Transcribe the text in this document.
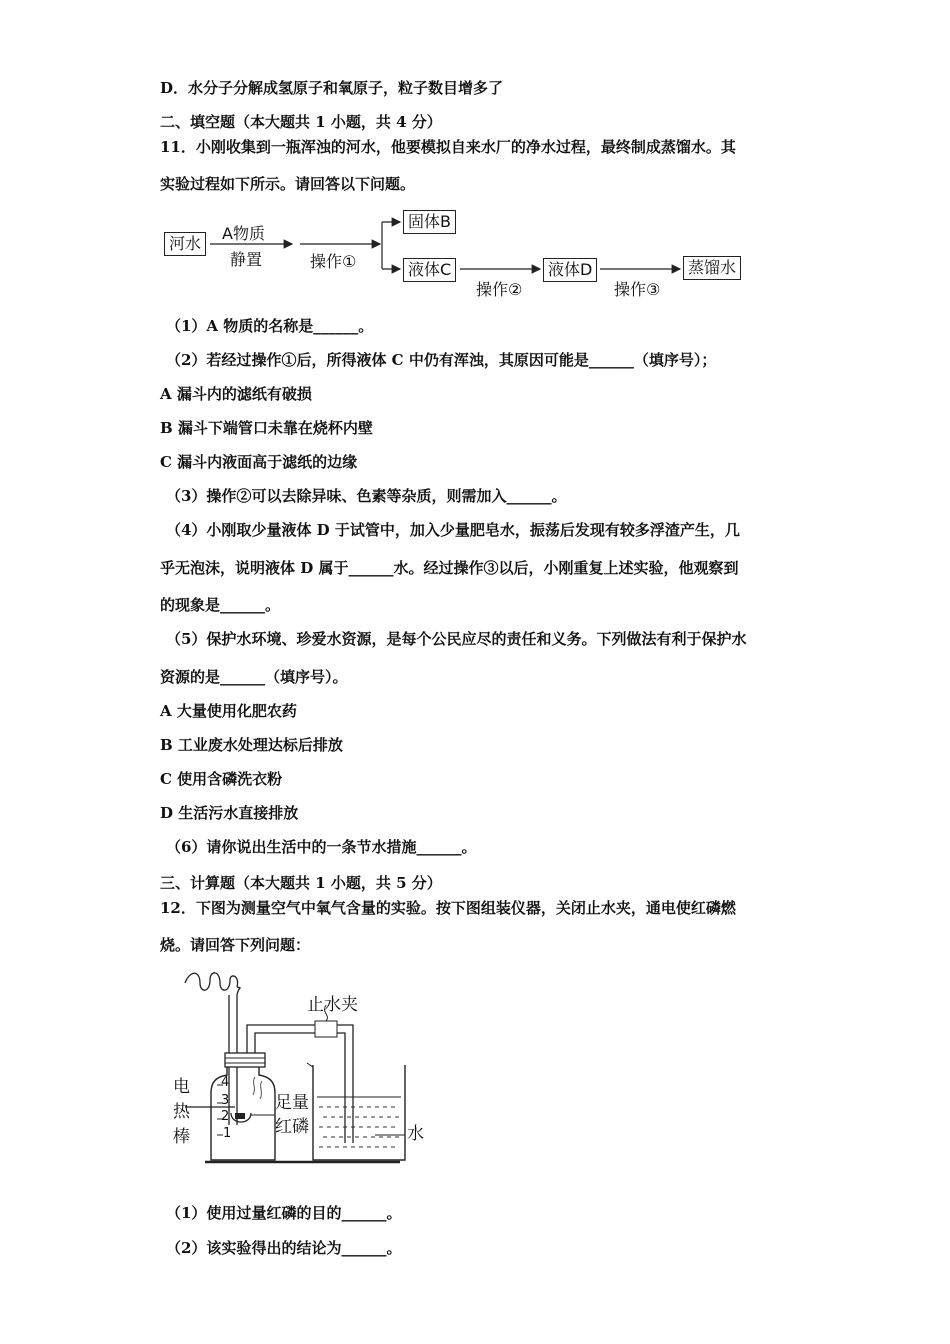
D．水分子分解成氢原子和氧原子，粒子数目增多了
二、填空题（本大题共 1 小题，共 4 分）
11．小刚收集到一瓶浑浊的河水，他要模拟自来水厂的净水过程，最终制成蒸馏水。其
实验过程如下所示。请回答以下问题。
河水
A物质
静置	操作①
固体B
液体C
操作②
液体D
操作③
蒸馏水
（1）A 物质的名称是______。
（2）若经过操作①后，所得液体 C 中仍有浑浊，其原因可能是______（填序号）；
A 漏斗内的滤纸有破损
B 漏斗下端管口未靠在烧杯内壁
C 漏斗内液面高于滤纸的边缘
（3）操作②可以去除异味、色素等杂质，则需加入______。
（4）小刚取少量液体 D 于试管中，加入少量肥皂水，振荡后发现有较多浮渣产生，几
乎无泡沫，说明液体 D 属于______水。经过操作③以后，小刚重复上述实验，他观察到
的现象是______。
（5）保护水环境、珍爱水资源，是每个公民应尽的责任和义务。下列做法有利于保护水
资源的是______（填序号）。
A 大量使用化肥农药
B 工业废水处理达标后排放
C 使用含磷洗衣粉
D 生活污水直接排放
（6）请你说出生活中的一条节水措施______。
三、计算题（本大题共 1 小题，共 5 分）
12．下图为测量空气中氧气含量的实验。按下图组装仪器，关闭止水夹，通电使红磷燃
烧。请回答下列问题：
止水夹
电
热
棒
足量
红磷	水
4
3
2
1
（1）使用过量红磷的目的______。
（2）该实验得出的结论为______。
